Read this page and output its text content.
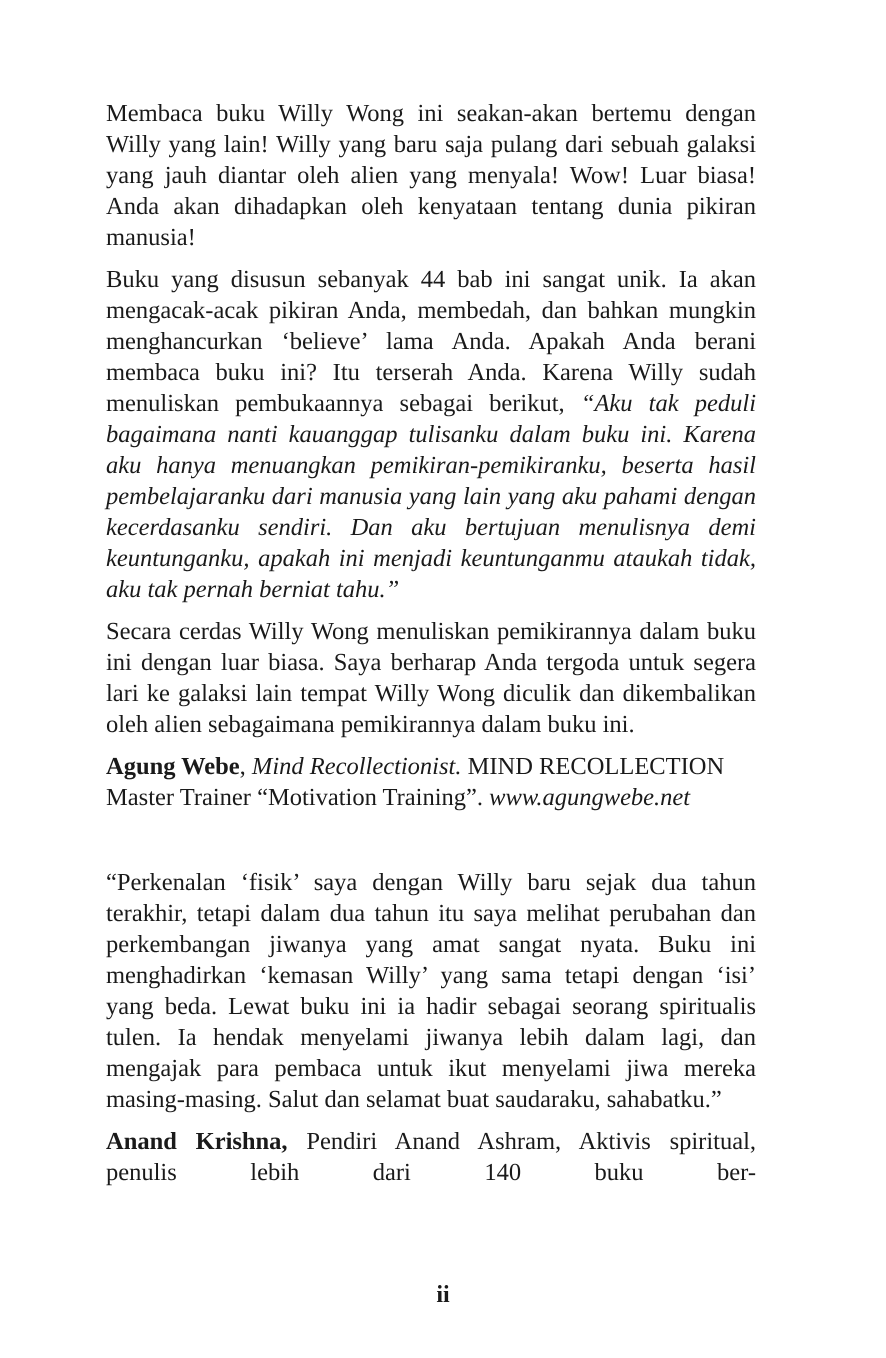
Membaca buku Willy Wong ini seakan-akan bertemu dengan Willy yang lain! Willy yang baru saja pulang dari sebuah galaksi yang jauh diantar oleh alien yang menyala! Wow! Luar biasa! Anda akan dihadapkan oleh kenyataan tentang dunia pikiran manusia!

Buku yang disusun sebanyak 44 bab ini sangat unik. Ia akan mengacak-acak pikiran Anda, membedah, dan bahkan mungkin menghancurkan ‘believe’ lama Anda. Apakah Anda berani membaca buku ini? Itu terserah Anda. Karena Willy sudah menuliskan pembukaannya sebagai berikut, “Aku tak peduli bagaimana nanti kauanggap tulisanku dalam buku ini. Karena aku hanya menuangkan pemikiran-pemikiranku, beserta hasil pembelajaranku dari manusia yang lain yang aku pahami dengan kecerdasanku sendiri. Dan aku bertujuan menulisnya demi keuntunganku, apakah ini menjadi keuntunganmu ataukah tidak, aku tak pernah berniat tahu.”

Secara cerdas Willy Wong menuliskan pemikirannya dalam buku ini dengan luar biasa. Saya berharap Anda tergoda untuk segera lari ke galaksi lain tempat Willy Wong diculik dan dikembalikan oleh alien sebagaimana pemikirannya dalam buku ini.

Agung Webe, Mind Recollectionist. MIND RECOLLECTION
Master Trainer “Motivation Training”. www.agungwebe.net

“Perkenalan ‘fisik’ saya dengan Willy baru sejak dua tahun terakhir, tetapi dalam dua tahun itu saya melihat perubahan dan perkembangan jiwanya yang amat sangat nyata. Buku ini menghadirkan ‘kemasan Willy’ yang sama tetapi dengan ‘isi’ yang beda. Lewat buku ini ia hadir sebagai seorang spiritualis tulen. Ia hendak menyelami jiwanya lebih dalam lagi, dan mengajak para pembaca untuk ikut menyelami jiwa mereka masing-masing. Salut dan selamat buat saudaraku, sahabatku.”

Anand Krishna, Pendiri Anand Ashram, Aktivis spiritual, penulis lebih dari 140 buku ber-

ii
